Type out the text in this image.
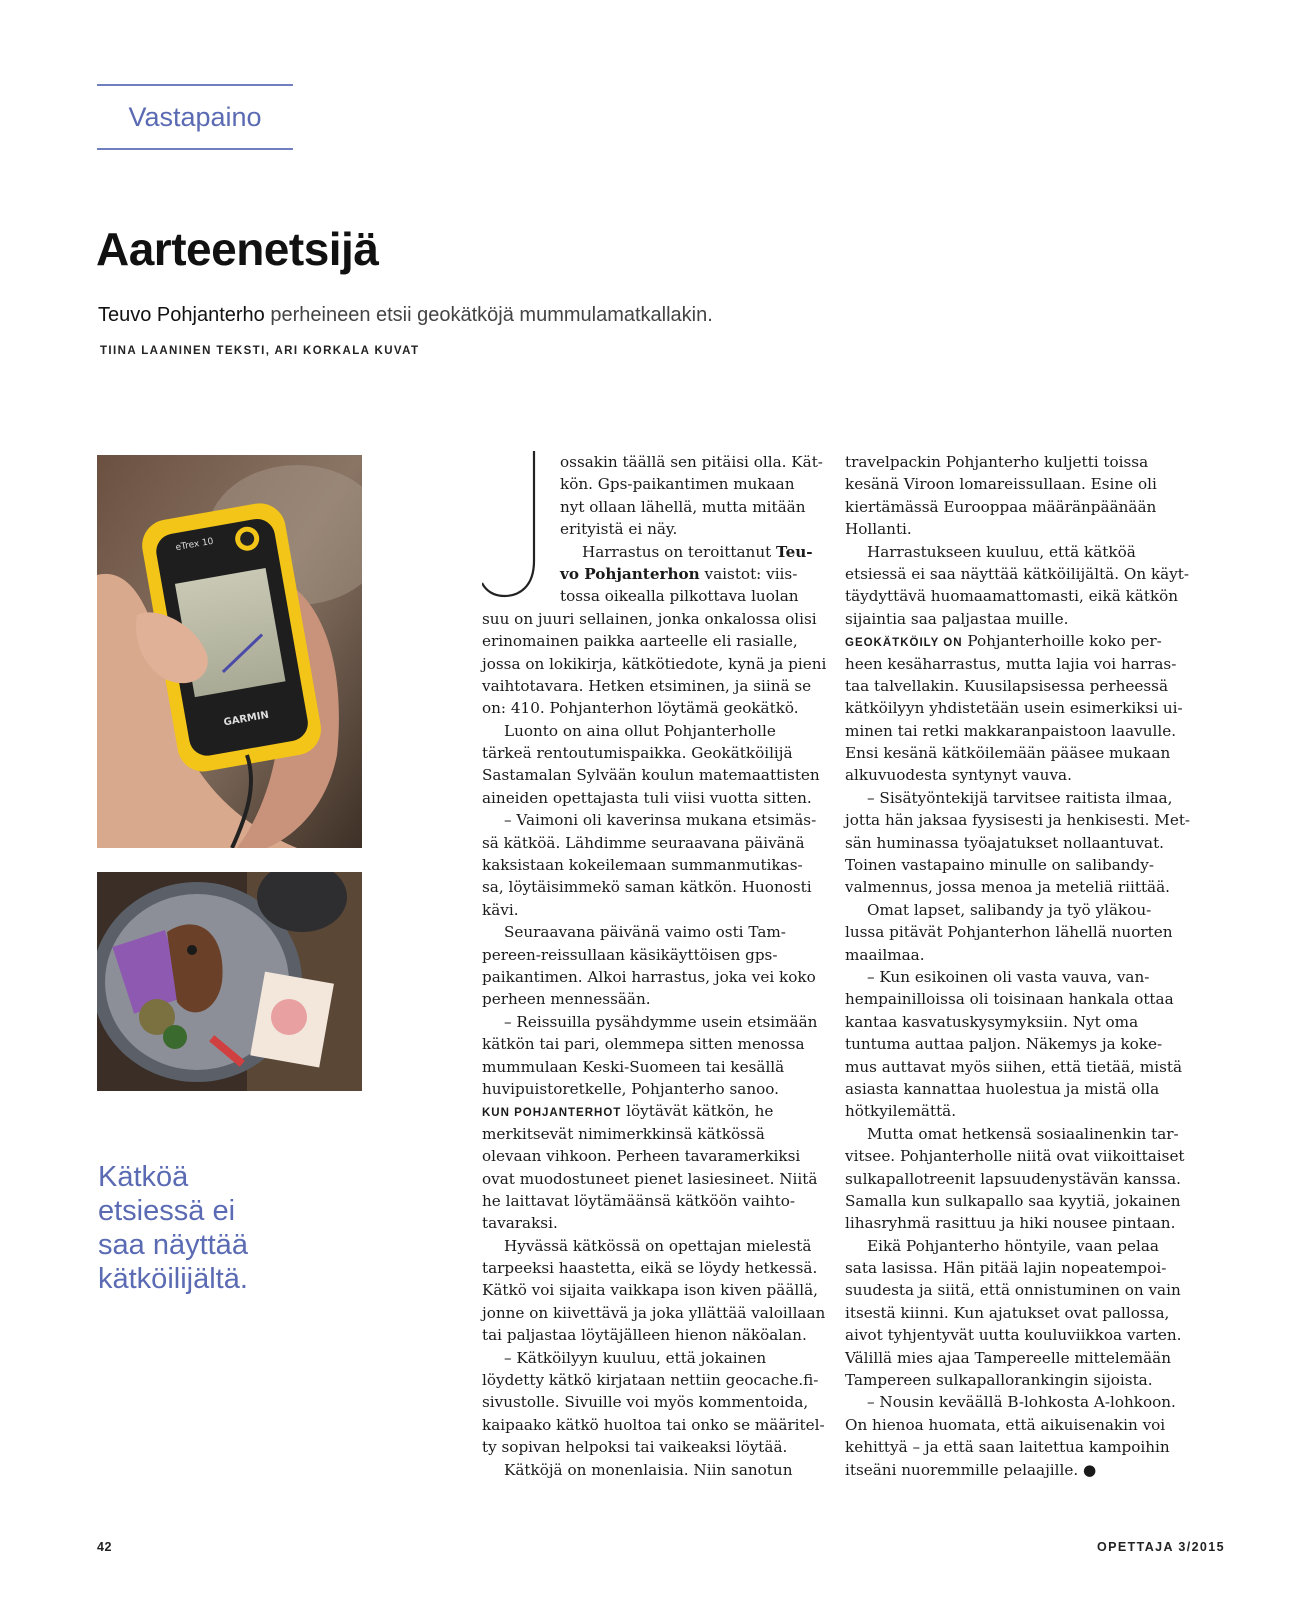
Vastapaino
Aarteenetsijä
Teuvo Pohjanterho perheineen etsii geokätköjä mummulamatkallakin.
TIINA LAANINEN TEKSTI, ARI KORKALA KUVAT
eTrex 10
GARMIN
Kätköä
etsiessä ei
saa näyttää
kätköilijältä.
J
ossakin täällä sen pitäisi olla. Kät-
kön. Gps-paikantimen mukaan
nyt ollaan lähellä, mutta mitään
erityistä ei näy.
Harrastus on teroittanut Teu-
vo Pohjanterhon vaistot: viis-
tossa oikealla pilkottava luolan
suu on juuri sellainen, jonka onkalossa olisi
erinomainen paikka aarteelle eli rasialle,
jossa on lokikirja, kätkötiedote, kynä ja pieni
vaihtotavara. Hetken etsiminen, ja siinä se
on: 410. Pohjanterhon löytämä geokätkö.
Luonto on aina ollut Pohjanterholle
tärkeä rentoutumispaikka. Geokätköilijä
Sastamalan Sylvään koulun matemaattisten
aineiden opettajasta tuli viisi vuotta sitten.
– Vaimoni oli kaverinsa mukana etsimäs-
sä kätköä. Lähdimme seuraavana päivänä
kaksistaan kokeilemaan summanmutikas-
sa, löytäisimmekö saman kätkön. Huonosti
kävi.
Seuraavana päivänä vaimo osti Tam-
pereen-reissullaan käsikäyttöisen gps-
paikantimen. Alkoi harrastus, joka vei koko
perheen mennessään.
– Reissuilla pysähdymme usein etsimään
kätkön tai pari, olemmepa sitten menossa
mummulaan Keski-Suomeen tai kesällä
huvipuistoretkelle, Pohjanterho sanoo.
KUN POHJANTERHOT löytävät kätkön, he
merkitsevät nimimerkkinsä kätkössä
olevaan vihkoon. Perheen tavaramerkiksi
ovat muodostuneet pienet lasiesineet. Niitä
he laittavat löytämäänsä kätköön vaihto-
tavaraksi.
Hyvässä kätkössä on opettajan mielestä
tarpeeksi haastetta, eikä se löydy hetkessä.
Kätkö voi sijaita vaikkapa ison kiven päällä,
jonne on kiivettävä ja joka yllättää valoillaan
tai paljastaa löytäjälleen hienon näköalan.
– Kätköilyyn kuuluu, että jokainen
löydetty kätkö kirjataan nettiin geocache.fi-
sivustolle. Sivuille voi myös kommentoida,
kaipaako kätkö huoltoa tai onko se määritel-
ty sopivan helpoksi tai vaikeaksi löytää.
Kätköjä on monenlaisia. Niin sanotun
travelpackin Pohjanterho kuljetti toissa
kesänä Viroon lomareissullaan. Esine oli
kiertämässä Eurooppaa määränpäänään
Hollanti.
Harrastukseen kuuluu, että kätköä
etsiessä ei saa näyttää kätköilijältä. On käyt-
täydyttävä huomaamattomasti, eikä kätkön
sijaintia saa paljastaa muille.
GEOKÄTKÖILY ON Pohjanterhoille koko per-
heen kesäharrastus, mutta lajia voi harras-
taa talvellakin. Kuusilapsisessa perheessä
kätköilyyn yhdistetään usein esimerkiksi ui-
minen tai retki makkaranpaistoon laavulle.
Ensi kesänä kätköilemään pääsee mukaan
alkuvuodesta syntynyt vauva.
– Sisätyöntekijä tarvitsee raitista ilmaa,
jotta hän jaksaa fyysisesti ja henkisesti. Met-
sän huminassa työajatukset nollaantuvat.
Toinen vastapaino minulle on salibandy-
valmennus, jossa menoa ja meteliä riittää.
Omat lapset, salibandy ja työ yläkou-
lussa pitävät Pohjanterhon lähellä nuorten
maailmaa.
– Kun esikoinen oli vasta vauva, van-
hempainilloissa oli toisinaan hankala ottaa
kantaa kasvatuskysymyksiin. Nyt oma
tuntuma auttaa paljon. Näkemys ja koke-
mus auttavat myös siihen, että tietää, mistä
asiasta kannattaa huolestua ja mistä olla
hötkyilemättä.
Mutta omat hetkensä sosiaalinenkin tar-
vitsee. Pohjanterholle niitä ovat viikoittaiset
sulkapallotreenit lapsuudenystävän kanssa.
Samalla kun sulkapallo saa kyytiä, jokainen
lihasryhmä rasittuu ja hiki nousee pintaan.
Eikä Pohjanterho höntyile, vaan pelaa
sata lasissa. Hän pitää lajin nopeatempoi-
suudesta ja siitä, että onnistuminen on vain
itsestä kiinni. Kun ajatukset ovat pallossa,
aivot tyhjentyvät uutta kouluviikkoa varten.
Välillä mies ajaa Tampereelle mittelemään
Tampereen sulkapallorankingin sijoista.
– Nousin keväällä B-lohkosta A-lohkoon.
On hienoa huomata, että aikuisenakin voi
kehittyä – ja että saan laitettua kampoihin
itseäni nuoremmille pelaajille. ●
42	OPETTAJA 3/2015
